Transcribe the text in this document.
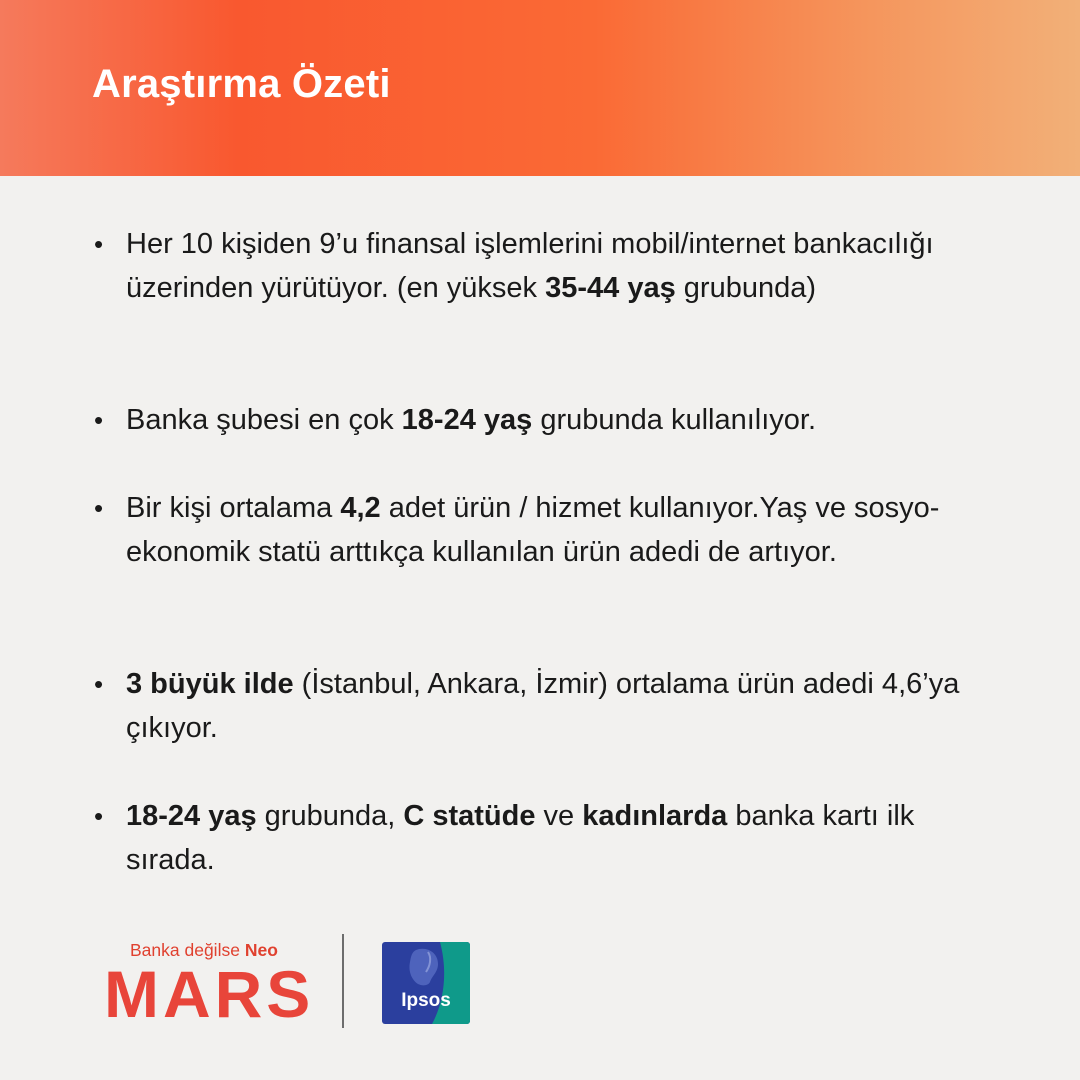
Araştırma Özeti
• Her 10 kişiden 9’u finansal işlemlerini mobil/internet bankacılığı üzerinden yürütüyor. (en yüksek 35-44 yaş grubunda)
• Banka şubesi en çok 18-24 yaş grubunda kullanılıyor.
• Bir kişi ortalama 4,2 adet ürün / hizmet kullanıyor.Yaş ve sosyo-ekonomik statü arttıkça kullanılan ürün adedi de artıyor.
• 3 büyük ilde (İstanbul, Ankara, İzmir) ortalama ürün adedi 4,6’ya çıkıyor.
• 18-24 yaş grubunda, C statüde ve kadınlarda banka kartı ilk sırada.
Banka değilse Neo
MARS	Ipsos
